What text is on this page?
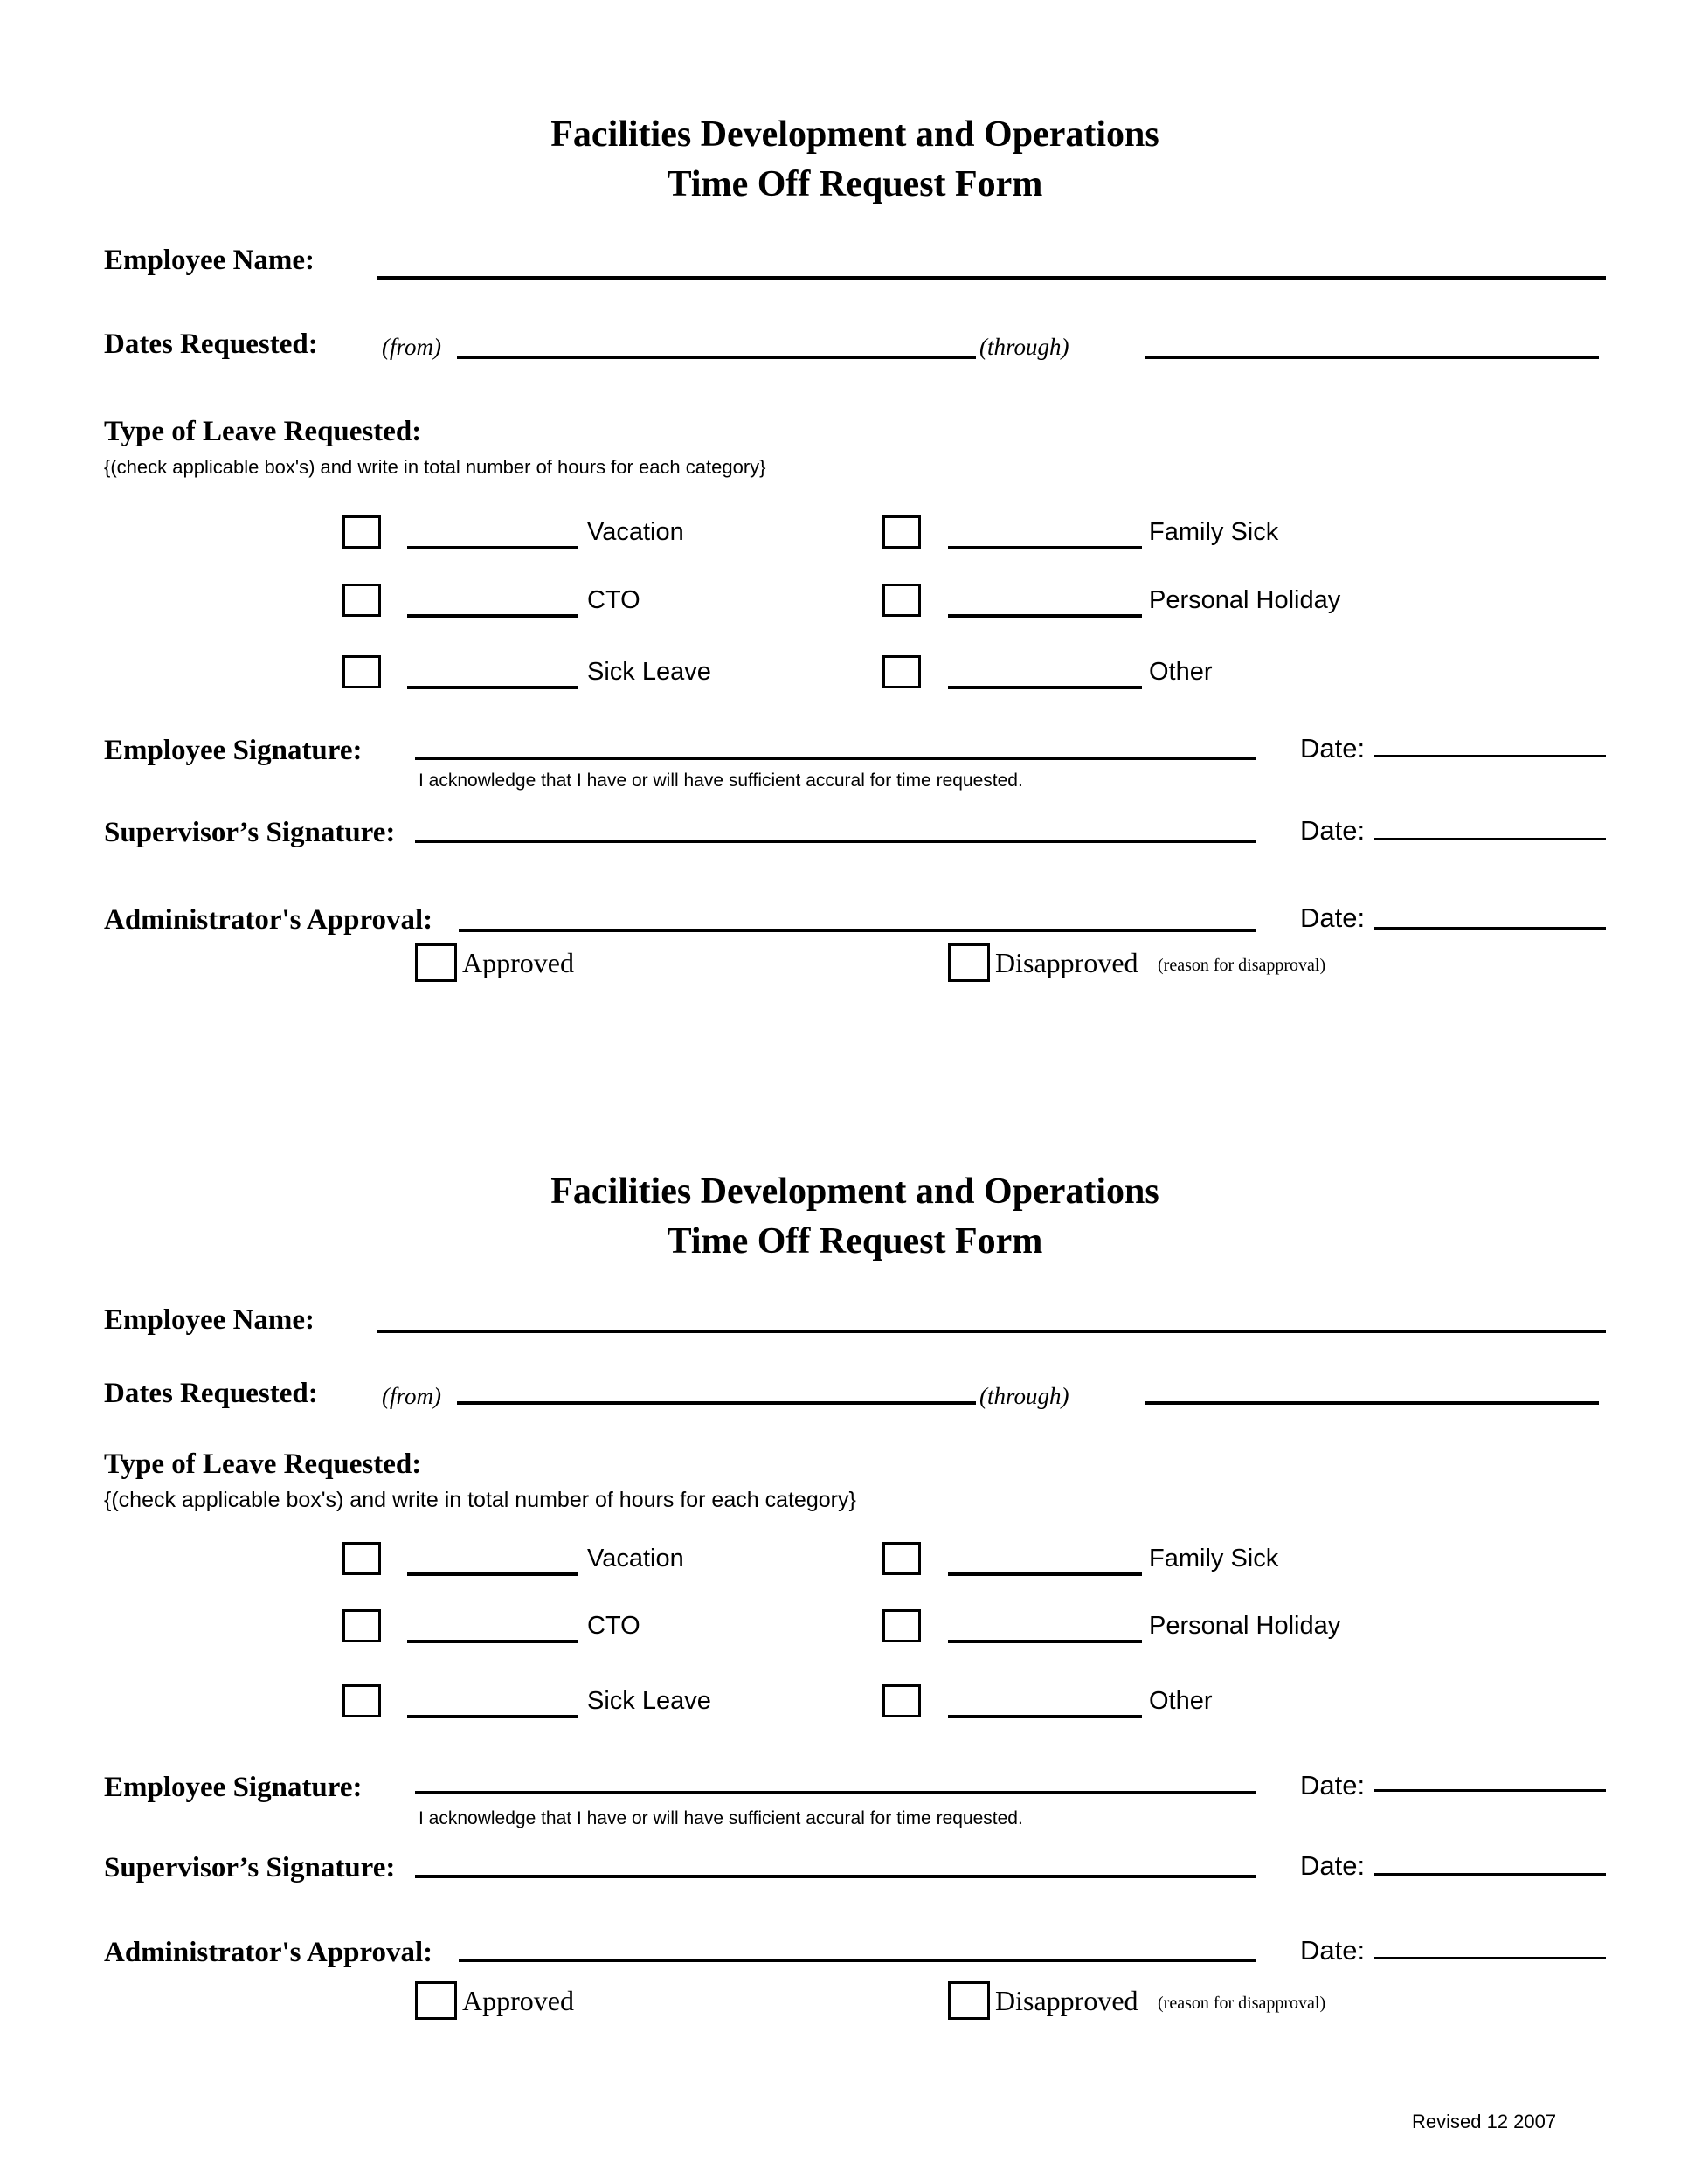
Facilities Development and Operations
Time Off Request Form
Employee Name:
Dates Requested:	(from)	(through)
Type of Leave Requested:
{(check applicable box's) and write in total number of hours for each category}
Vacation	Family Sick
CTO	Personal Holiday
Sick Leave	Other
Employee Signature:	Date:
I acknowledge that I have or will have sufficient accural for time requested.
Supervisor’s Signature:	Date:
Administrator's Approval:	Date:
Approved	Disapproved (reason for disapproval)
Facilities Development and Operations
Time Off Request Form
Employee Name:
Dates Requested:	(from)	(through)
Type of Leave Requested:
{(check applicable box's) and write in total number of hours for each category}
Vacation	Family Sick
CTO	Personal Holiday
Sick Leave	Other
Employee Signature:	Date:
I acknowledge that I have or will have sufficient accural for time requested.
Supervisor’s Signature:	Date:
Administrator's Approval:	Date:
Approved	Disapproved (reason for disapproval)
Revised 12 2007
